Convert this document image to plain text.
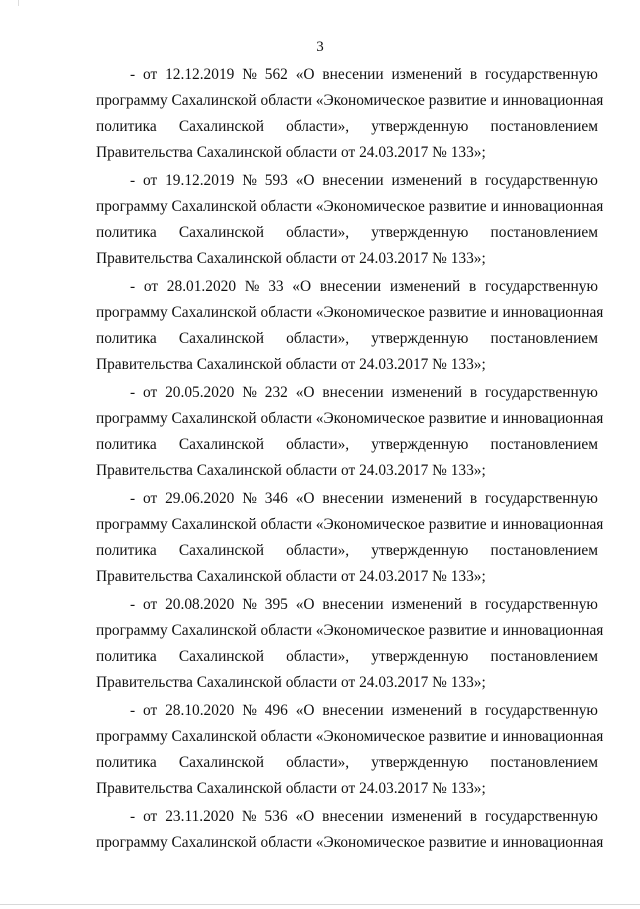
3
- от 12.12.2019 № 562 «О внесении изменений в государственную
программу Сахалинской области «Экономическое развитие и инновационная
политика Сахалинской области», утвержденную постановлением
Правительства Сахалинской области от 24.03.2017 № 133»;
- от 19.12.2019 № 593 «О внесении изменений в государственную
программу Сахалинской области «Экономическое развитие и инновационная
политика Сахалинской области», утвержденную постановлением
Правительства Сахалинской области от 24.03.2017 № 133»;
- от 28.01.2020 № 33 «О внесении изменений в государственную
программу Сахалинской области «Экономическое развитие и инновационная
политика Сахалинской области», утвержденную постановлением
Правительства Сахалинской области от 24.03.2017 № 133»;
- от 20.05.2020 № 232 «О внесении изменений в государственную
программу Сахалинской области «Экономическое развитие и инновационная
политика Сахалинской области», утвержденную постановлением
Правительства Сахалинской области от 24.03.2017 № 133»;
- от 29.06.2020 № 346 «О внесении изменений в государственную
программу Сахалинской области «Экономическое развитие и инновационная
политика Сахалинской области», утвержденную постановлением
Правительства Сахалинской области от 24.03.2017 № 133»;
- от 20.08.2020 № 395 «О внесении изменений в государственную
программу Сахалинской области «Экономическое развитие и инновационная
политика Сахалинской области», утвержденную постановлением
Правительства Сахалинской области от 24.03.2017 № 133»;
- от 28.10.2020 № 496 «О внесении изменений в государственную
программу Сахалинской области «Экономическое развитие и инновационная
политика Сахалинской области», утвержденную постановлением
Правительства Сахалинской области от 24.03.2017 № 133»;
- от 23.11.2020 № 536 «О внесении изменений в государственную
программу Сахалинской области «Экономическое развитие и инновационная
